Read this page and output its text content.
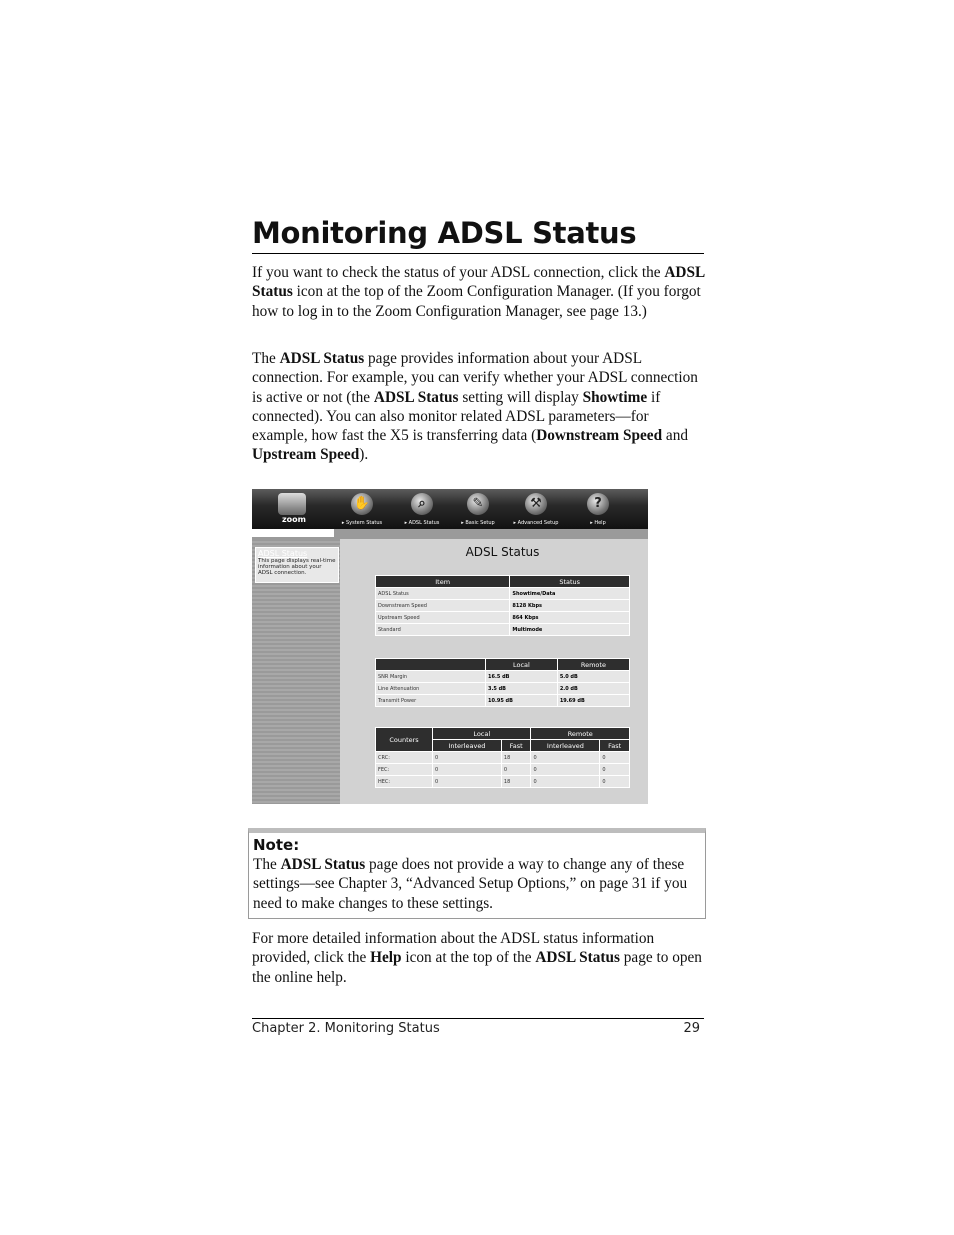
Monitoring ADSL Status

If you want to check the status of your ADSL connection, click the ADSL Status icon at the top of the Zoom Configuration Manager. (If you forgot how to log in to the Zoom Configuration Manager, see page 13.)

The ADSL Status page provides information about your ADSL connection. For example, you can verify whether your ADSL connection is active or not (the ADSL Status setting will display Showtime if connected). You can also monitor related ADSL parameters—for example, how fast the X5 is transferring data (Downstream Speed and Upstream Speed).

zoom
✋
▸ System Status
⌕
▸ ADSL Status
✎
▸ Basic Setup
⚒
▸ Advanced Setup
?
▸ Help
ADSL Status
This page displays real-time information about your ADSL connection.
ADSL Status
Item	Status
ADSL Status	Showtime/Data
Downstream Speed	8128 Kbps
Upstream Speed	864 Kbps
Standard	Multimode
	Local	Remote
SNR Margin	16.5 dB	5.0 dB
Line Attenuation	3.5 dB	2.0 dB
Transmit Power	10.95 dB	19.69 dB
Counters	Local		Remote	
	Interleaved	Fast	Interleaved	Fast
CRC:	0	18	0	0
FEC:	0	0	0	0
HEC:	0	18	0	0

Note:

The ADSL Status page does not provide a way to change any of these settings—see Chapter 3, “Advanced Setup Options,” on page 31 if you need to make changes to these settings.

For more detailed information about the ADSL status information provided, click the Help icon at the top of the ADSL Status page to open the online help.

Chapter 2. Monitoring Status	29
